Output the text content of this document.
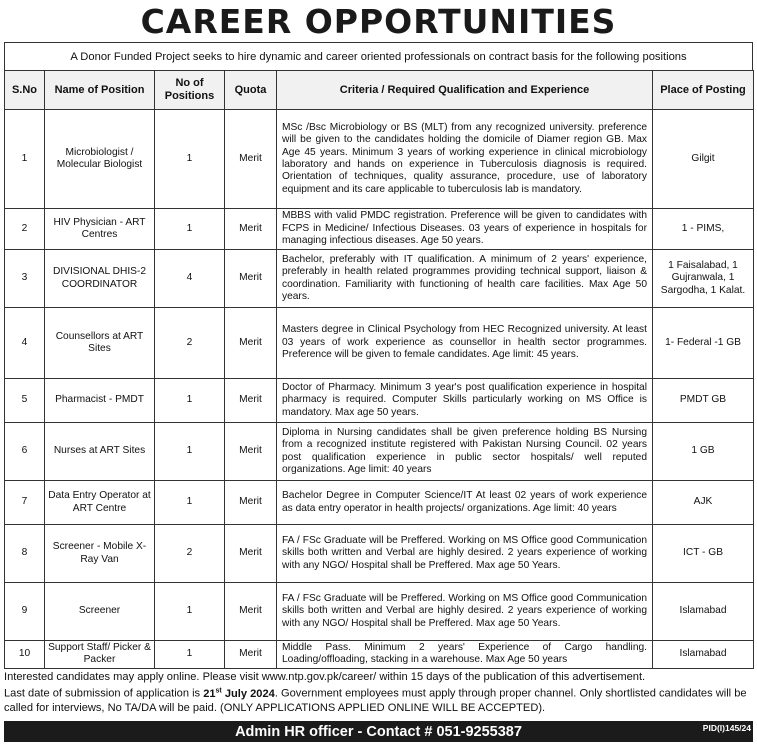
CAREER OPPORTUNITIES
A Donor Funded Project seeks to hire dynamic and career oriented professionals on contract basis for the following positions
S.No	Name of Position	No of Positions	Quota	Criteria / Required Qualification and Experience	Place of Posting
1	Microbiologist / Molecular Biologist	1	Merit	MSc /Bsc Microbiology or BS (MLT) from any recognized university. preference will be given to the candidates holding the domicile of Diamer region GB. Max Age 45 years. Minimum 3 years of working experience in clinical microbiology laboratory and hands on experience in Tuberculosis diagnosis is required. Orientation of techniques, quality assurance, procedure, use of laboratory equipment and its care applicable to tuberculosis lab is mandatory.	Gilgit
2	HIV Physician - ART Centres	1	Merit	MBBS with valid PMDC registration. Preference will be given to candidates with FCPS in Medicine/ Infectious Diseases. 03 years of experience in hospitals for managing infectious diseases. Age 50 years.	1 - PIMS,
3	DIVISIONAL DHIS-2 COORDINATOR	4	Merit	Bachelor, preferably with IT qualification. A minimum of 2 years' experience, preferably in health related programmes providing technical support, liaison & coordination. Familiarity with functioning of health care facilities. Max Age 50 years.	1 Faisalabad, 1 Gujranwala, 1 Sargodha, 1 Kalat.
4	Counsellors at ART Sites	2	Merit	Masters degree in Clinical Psychology from HEC Recognized university. At least 03 years of work experience as counsellor in health sector programmes. Preference will be given to female candidates. Age limit: 45 years.	1- Federal -1 GB
5	Pharmacist - PMDT	1	Merit	Doctor of Pharmacy. Minimum 3 year's post qualification experience in hospital pharmacy is required. Computer Skills particularly working on MS Office is mandatory. Max age 50 years.	PMDT GB
6	Nurses at ART Sites	1	Merit	Diploma in Nursing candidates shall be given preference holding BS Nursing from a recognized institute registered with Pakistan Nursing Council. 02 years post qualification experience in public sector hospitals/ well reputed organizations. Age limit: 40 years	1 GB
7	Data Entry Operator at ART Centre	1	Merit	Bachelor Degree in Computer Science/IT At least 02 years of work experience as data entry operator in health projects/ organizations. Age limit: 40 years	AJK
8	Screener - Mobile X-Ray Van	2	Merit	FA / FSc Graduate will be Preffered. Working on MS Office good Communication skills both written and Verbal are highly desired. 2 years experience of working with any NGO/ Hospital shall be Preffered. Max age 50 Years.	ICT - GB
9	Screener	1	Merit	FA / FSc Graduate will be Preffered. Working on MS Office good Communication skills both written and Verbal are highly desired. 2 years experience of working with any NGO/ Hospital shall be Preffered. Max age 50 Years.	Islamabad
10	Support Staff/ Picker & Packer	1	Merit	Middle Pass. Minimum 2 years' Experience of Cargo handling. Loading/offloading, stacking in a warehouse. Max Age 50 years	Islamabad
Interested candidates may apply online. Please visit www.ntp.gov.pk/career/ within 15 days of the publication of this advertisement.
Last date of submission of application is 21st July 2024. Government employees must apply through proper channel. Only shortlisted candidates will be called for interviews, No TA/DA will be paid. (ONLY APPLICATIONS APPLIED ONLINE WILL BE ACCEPTED).
Admin HR officer - Contact # 051-9255387	PID(I)145/24
